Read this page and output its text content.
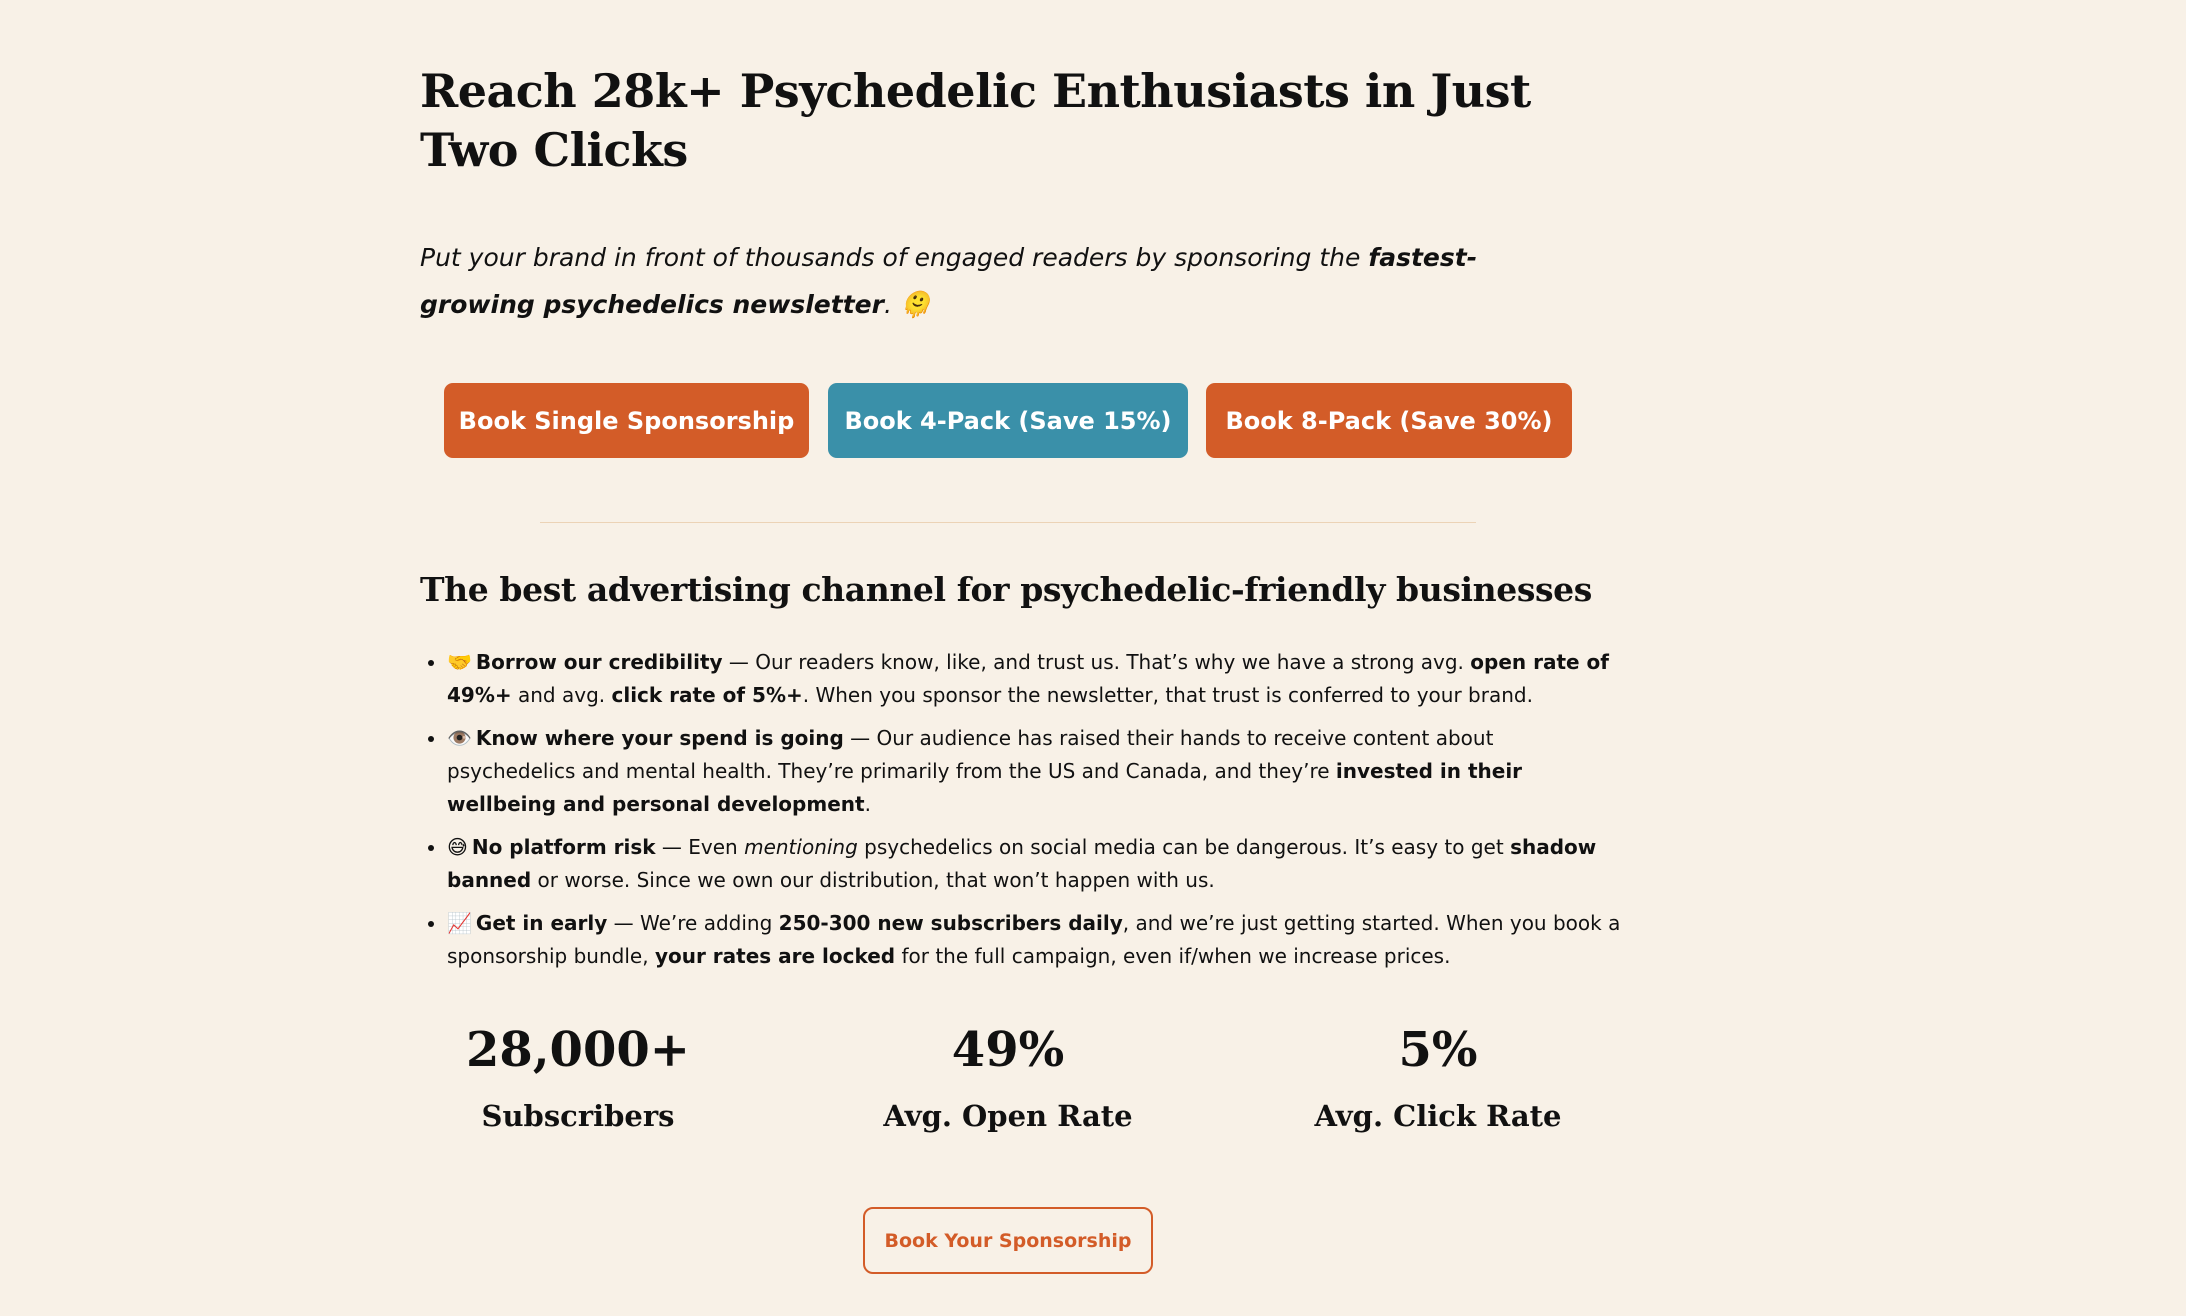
Reach 28k+ Psychedelic Enthusiasts in Just Two Clicks

Put your brand in front of thousands of engaged readers by sponsoring the fastest-growing psychedelics newsletter. 🫠

Book Single Sponsorship	Book 4-Pack (Save 15%)	Book 8-Pack (Save 30%)
The best advertising channel for psychedelic-friendly businesses
• 🤝 Borrow our credibility — Our readers know, like, and trust us. That’s why we have a strong avg. open rate of 49%+ and avg. click rate of 5%+. When you sponsor the newsletter, that trust is conferred to your brand.
• 👁️ Know where your spend is going — Our audience has raised their hands to receive content about psychedelics and mental health. They’re primarily from the US and Canada, and they’re invested in their wellbeing and personal development.
• 😅 No platform risk — Even mentioning psychedelics on social media can be dangerous. It’s easy to get shadow banned or worse. Since we own our distribution, that won’t happen with us.
• 📈 Get in early — We’re adding 250-300 new subscribers daily, and we’re just getting started. When you book a sponsorship bundle, your rates are locked for the full campaign, even if/when we increase prices.
28,000+
Subscribers
49%
Avg. Open Rate
5%
Avg. Click Rate
Book Your Sponsorship
